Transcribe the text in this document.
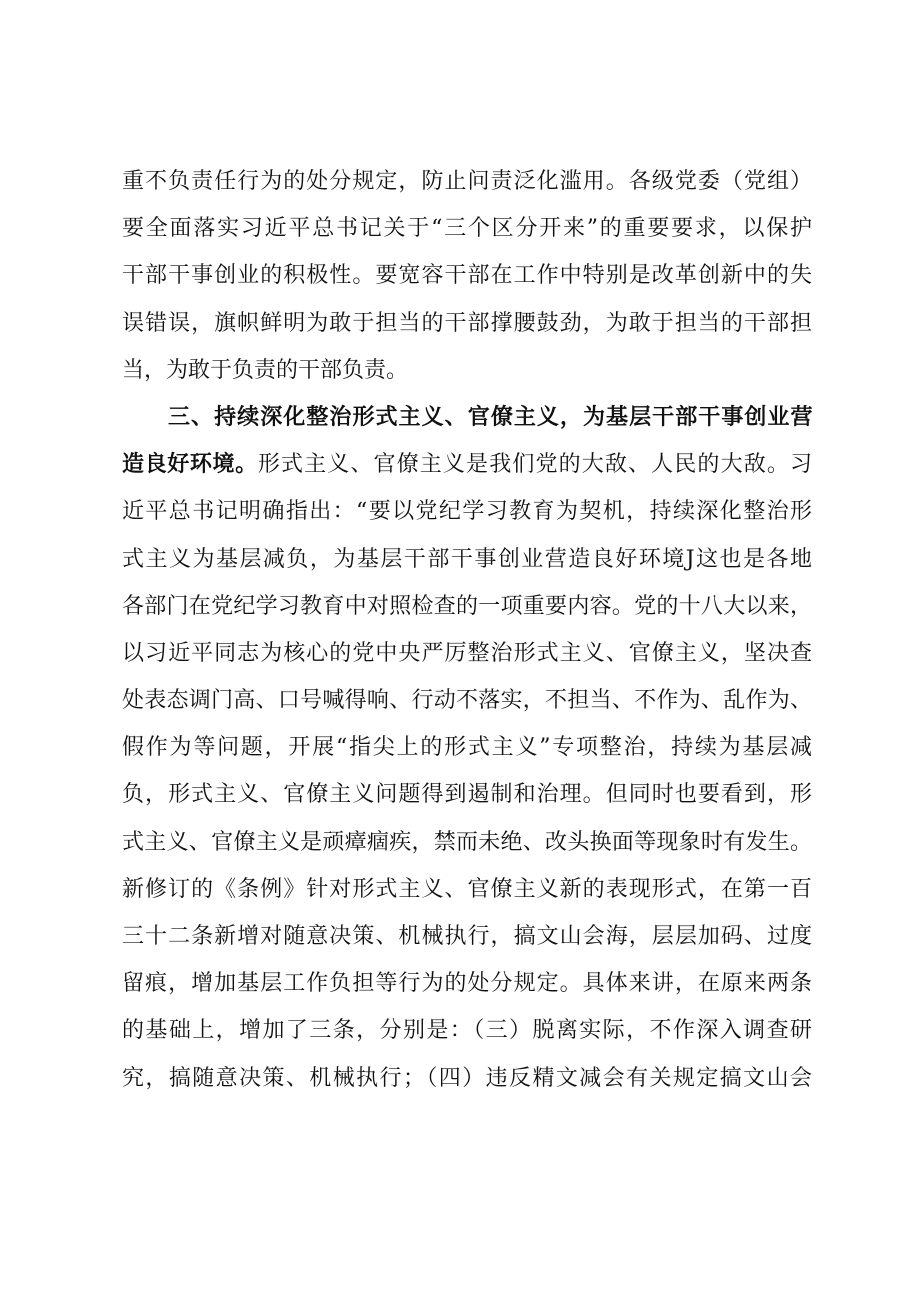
重不负责任行为的处分规定，防止问责泛化滥用。各级党委（党组）
要全面落实习近平总书记关于“三个区分开来”的重要要求，以保护
干部干事创业的积极性。要宽容干部在工作中特别是改革创新中的失
误错误，旗帜鲜明为敢于担当的干部撑腰鼓劲，为敢于担当的干部担
当，为敢于负责的干部负责。
三、持续深化整治形式主义、官僚主义，为基层干部干事创业营
造良好环境。形式主义、官僚主义是我们党的大敌、人民的大敌。习
近平总书记明确指出：“要以党纪学习教育为契机，持续深化整治形
式主义为基层减负，为基层干部干事创业营造良好环境J这也是各地
各部门在党纪学习教育中对照检查的一项重要内容。党的十八大以来，
以习近平同志为核心的党中央严厉整治形式主义、官僚主义，坚决查
处表态调门高、口号喊得响、行动不落实，不担当、不作为、乱作为、
假作为等问题，开展“指尖上的形式主义”专项整治，持续为基层减
负，形式主义、官僚主义问题得到遏制和治理。但同时也要看到，形
式主义、官僚主义是顽瘴痼疾，禁而未绝、改头换面等现象时有发生。
新修订的《条例》针对形式主义、官僚主义新的表现形式，在第一百
三十二条新增对随意决策、机械执行，搞文山会海，层层加码、过度
留痕，增加基层工作负担等行为的处分规定。具体来讲，在原来两条
的基础上，增加了三条，分别是：（三）脱离实际，不作深入调查研
究，搞随意决策、机械执行；（四）违反精文减会有关规定搞文山会
